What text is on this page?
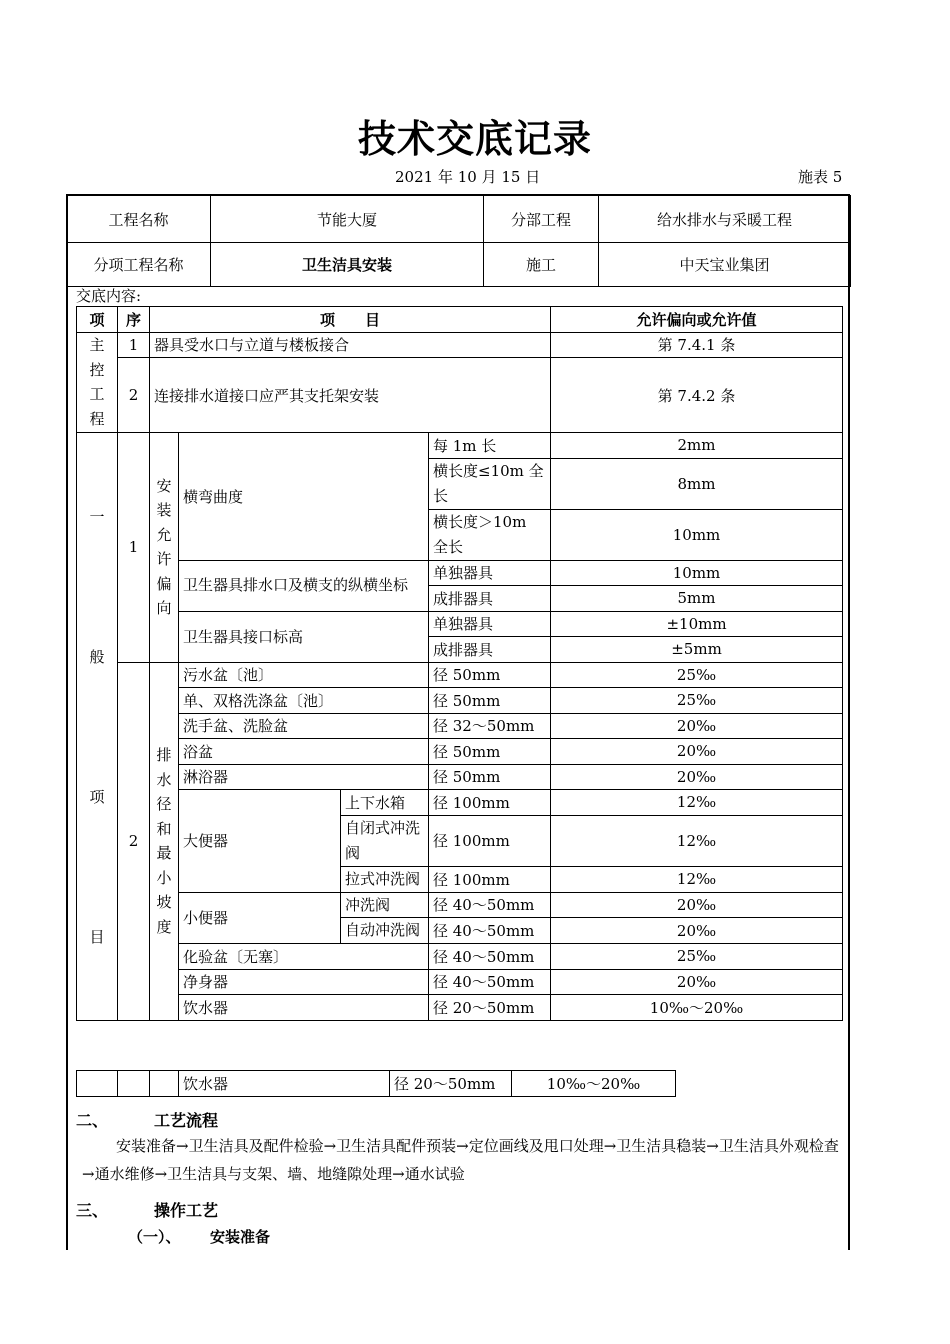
技术交底记录
2021 年 10 月 15 日	施表 5
工程名称	节能大厦	分部工程	给水排水与采暖工程
分项工程名称	卫生洁具安装	施工	中天宝业集团
交底内容:
项	序	项　　目				允许偏向或允许值
主控工程	1	器具受水口与立道与楼板接合				第 7.4.1 条
	2	连接排水道接口应严其支托架安装				第 7.4.2 条

一
般
项
目	1	安装允许偏向	横弯曲度		每 1m 长	2mm
					横长度≤10m 全长	8mm

					横长度＞10m 全长	10mm

			卫生器具排水口及横支的纵横坐标		单独器具	10mm
					成排器具	5mm
			卫生器具接口标高		单独器具	±10mm
					成排器具	±5mm
	2	排水径和最小坡度	污水盆〔池〕		径 50mm	25‰
			单、双格洗涤盆〔池〕		径 50mm	25‰
			洗手盆、洗脸盆		径 32～50mm	20‰
			浴盆		径 50mm	20‰
			淋浴器		径 50mm	20‰
			大便器	上下水箱	径 100mm	12‰
				自闭式冲洗阀	径 100mm	12‰

				拉式冲洗阀	径 100mm	12‰

			小便器	冲洗阀	径 40～50mm	20‰
				自动冲洗阀	径 40～50mm	20‰

			化验盆〔无塞〕		径 40～50mm	25‰
			净身器		径 40～50mm	20‰
			饮水器		径 20～50mm	10‰～20‰
			饮水器	径 20～50mm	10‰～20‰
二、	工艺流程
安装准备→卫生洁具及配件检验→卫生洁具配件预装→定位画线及甩口处理→卫生洁具稳装→卫生洁具外观检查→通水维修→卫生洁具与支架、墙、地缝隙处理→通水试验
三、	操作工艺
（一）、 安装准备
